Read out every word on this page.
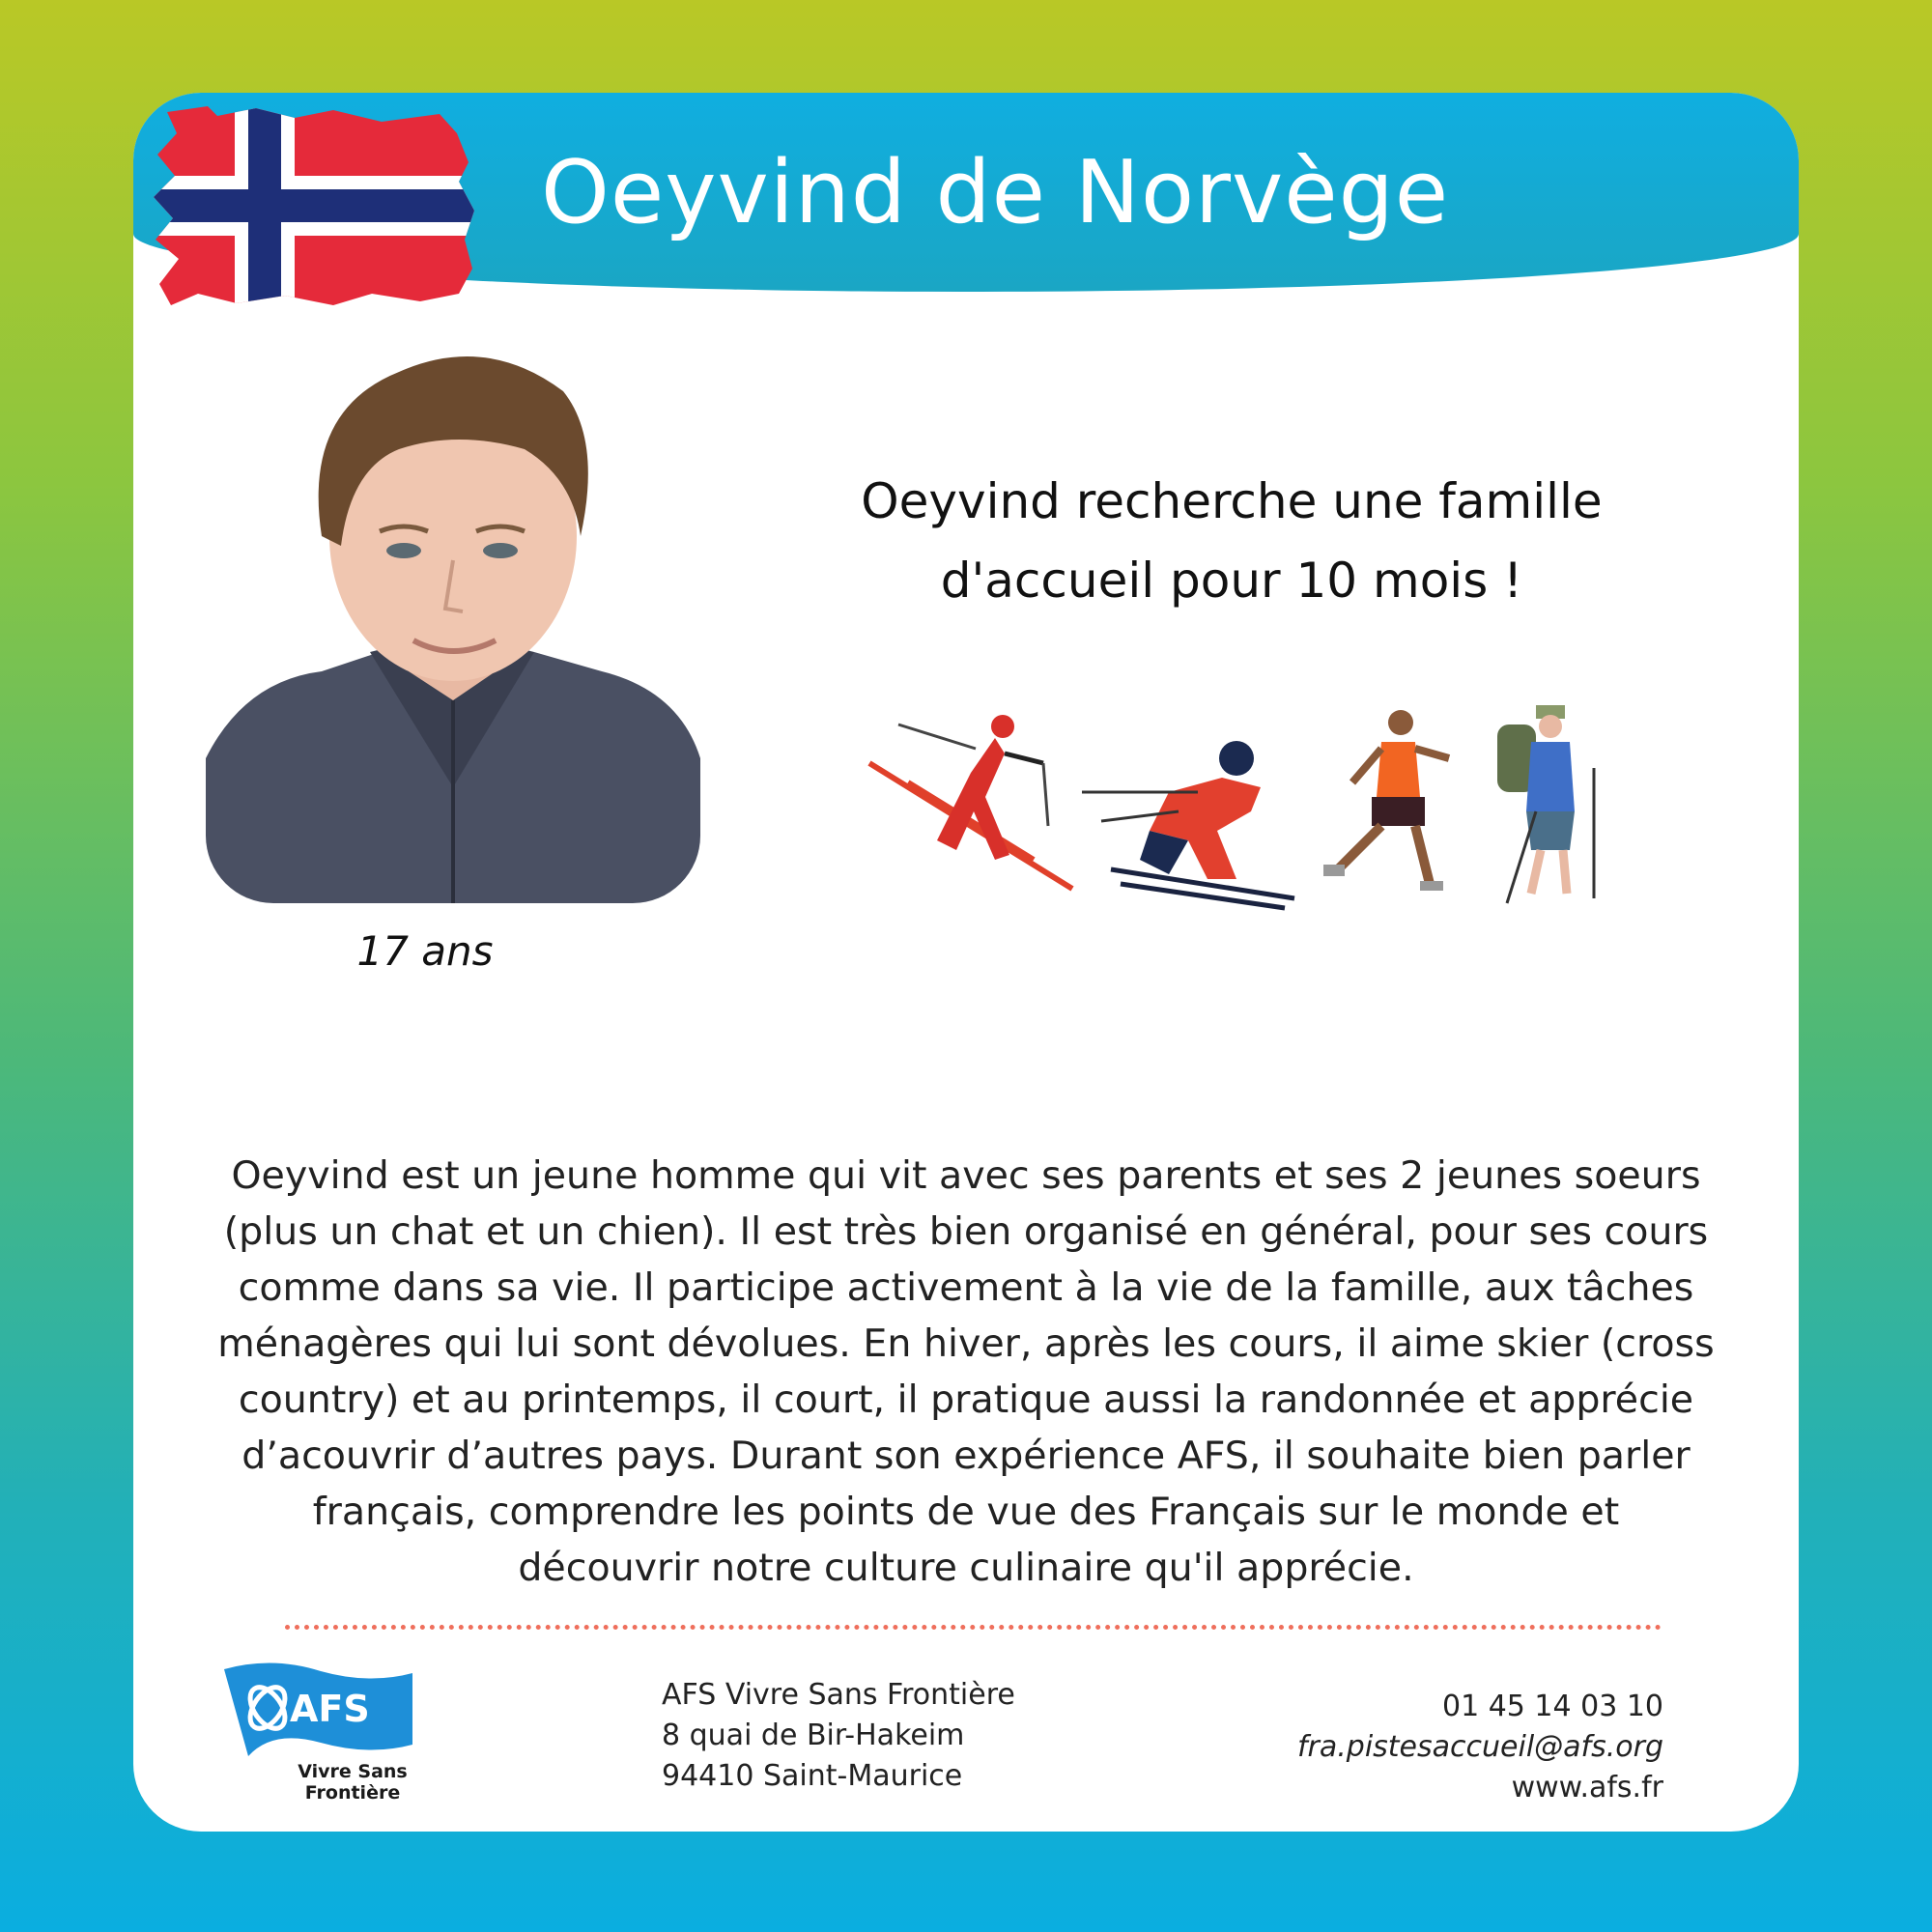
Oeyvind de Norvège
17 ans
Oeyvind recherche une famille
d'accueil pour 10 mois !
Oeyvind est un jeune homme qui vit avec ses parents et ses 2 jeunes soeurs
(plus un chat et un chien). Il est très bien organisé en général, pour ses cours
comme dans sa vie. Il participe activement à la vie de la famille, aux tâches
ménagères qui lui sont dévolues. En hiver, après les cours, il aime skier (cross
country) et au printemps, il court, il pratique aussi la randonnée et apprécie
d’acouvrir d’autres pays. Durant son expérience AFS, il souhaite bien parler
français, comprendre les points de vue des Français sur le monde et
découvrir notre culture culinaire qu'il apprécie.
AFS
Vivre Sans
Frontière
AFS Vivre Sans Frontière
8 quai de Bir-Hakeim
94410 Saint-Maurice
01 45 14 03 10
fra.pistesaccueil@afs.org
www.afs.fr
